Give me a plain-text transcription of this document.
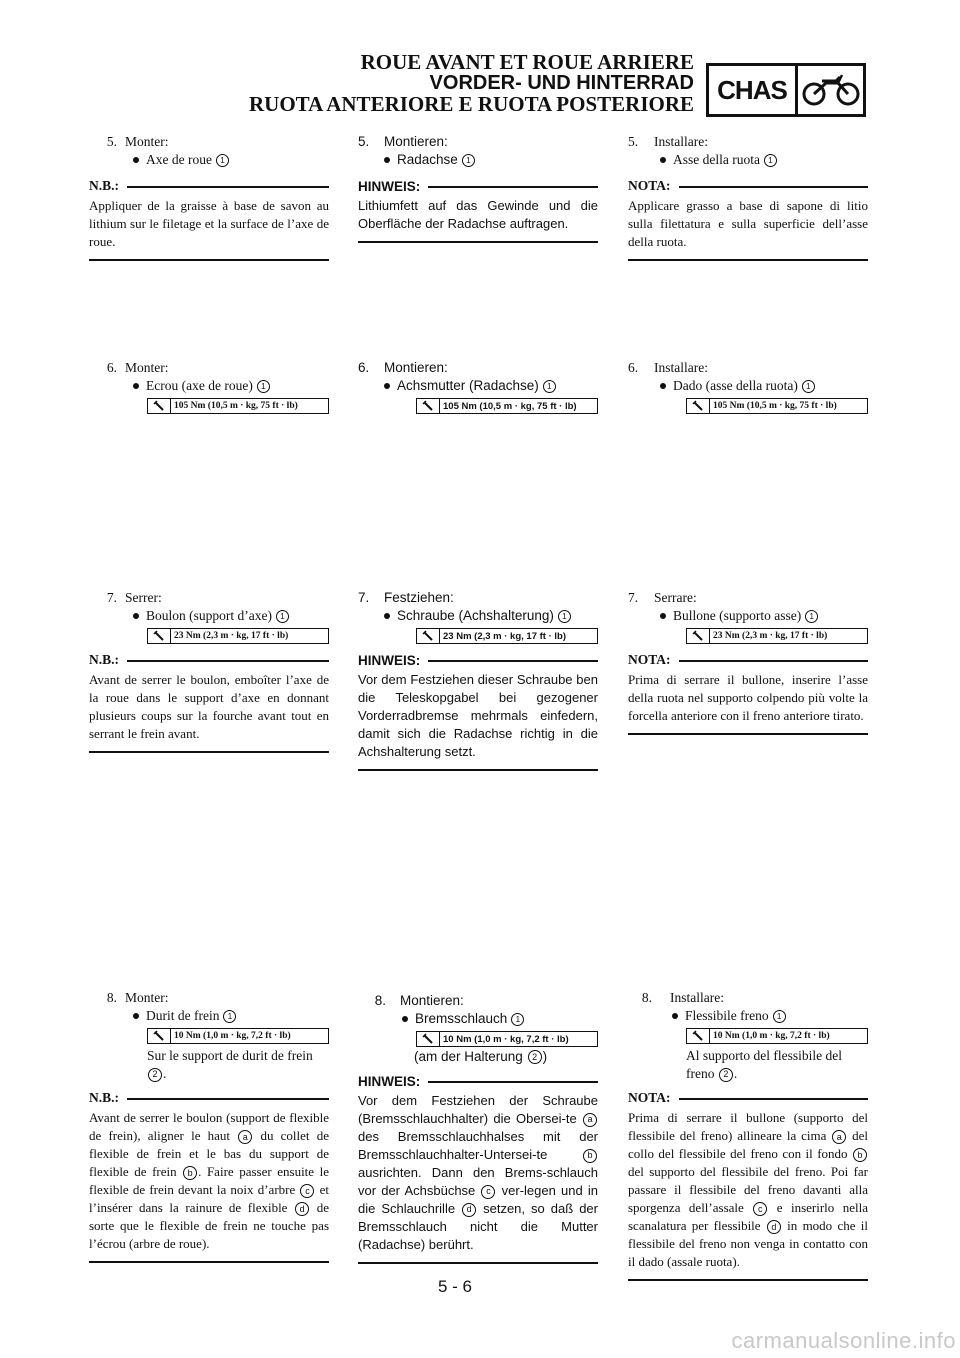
ROUE AVANT ET ROUE ARRIERE
VORDER- UND HINTERRAD
RUOTA ANTERIORE E RUOTA POSTERIORE CHAS
5. Monter:
Axe de roue	1
N.B.:
Appliquer de la graisse à base de savon au lithium sur le filetage et la surface de l’axe de roue.
6. Monter:
Ecrou (axe de roue)	1
105 Nm (10,5 m · kg, 75 ft · lb)
7. Serrer:
Boulon (support d’axe)	1
23 Nm (2,3 m · kg, 17 ft · lb)
N.B.:
Avant de serrer le boulon, emboîter l’axe de la roue dans le support d’axe en donnant plusieurs coups sur la fourche avant tout en serrant le frein avant.
8. Monter:
Durit de frein	1
10 Nm (1,0 m · kg, 7,2 ft · lb)
Sur le support de durit de frein 2 .
N.B.:
Avant de serrer le boulon (support de flexible de frein), aligner le haut a du collet de flexible de frein et le bas du support de flexible de frein b . Faire passer ensuite le flexible de frein devant la noix d’arbre c et l’insérer dans la rainure de flexible d de sorte que le flexible de frein ne touche pas l’écrou (arbre de roue).
5.	Montieren:
Radachse	1
HINWEIS:
Lithiumfett auf das Gewinde und die Oberfläche der Radachse auftragen.
6.	Montieren:
Achsmutter (Radachse)	1
105 Nm (10,5 m · kg, 75 ft · lb)
7.	Festziehen:
Schraube (Achshalterung)	1
23 Nm (2,3 m · kg, 17 ft · lb)
HINWEIS:
Vor dem Festziehen dieser Schraube ben die Teleskopgabel bei gezogener Vorderradbremse mehrmals einfedern, damit sich die Radachse richtig in die Achshalterung setzt.
8.	Montieren:
Bremsschlauch	1
10 Nm (1,0 m · kg, 7,2 ft · lb)
(am der Halterung 2 )
HINWEIS:
Vor dem Festziehen der Schraube (Bremsschlauchhalter) die Obersei-te a des Bremsschlauchhalses mit der Bremsschlauchhalter-Untersei-te	b ausrichten. Dann den Brems-schlauch vor der Achsbüchse c ver-legen und in die Schlauchrille d setzen, so daß der Bremsschlauch nicht die Mutter (Radachse) berührt.
5.	Installare:
Asse della ruota	1
NOTA:
Applicare grasso a base di sapone di litio sulla filettatura e sulla superficie dell’asse della ruota.
6.	Installare:
Dado (asse della ruota)	1
105 Nm (10,5 m · kg, 75 ft · lb)
7.	Serrare:
Bullone (supporto asse)	1
23 Nm (2,3 m · kg, 17 ft · lb)
NOTA:
Prima di serrare il bullone, inserire l’asse della ruota nel supporto colpendo più volte la forcella anteriore con il freno anteriore tirato.
8.	Installare:
Flessibile freno	1
10 Nm (1,0 m · kg, 7,2 ft · lb)
Al supporto del flessibile del freno 2 .
NOTA:
Prima di serrare il bullone (supporto del flessibile del freno) allineare la cima a del collo del flessibile del freno con il fondo b del supporto del flessibile del freno. Poi far passare il flessibile del freno davanti alla sporgenza dell’assale c e inserirlo nella scanalatura per flessibile d in modo che il flessibile del freno non venga in contatto con il dado (assale ruota).
5 - 6
carmanualsonline.info
